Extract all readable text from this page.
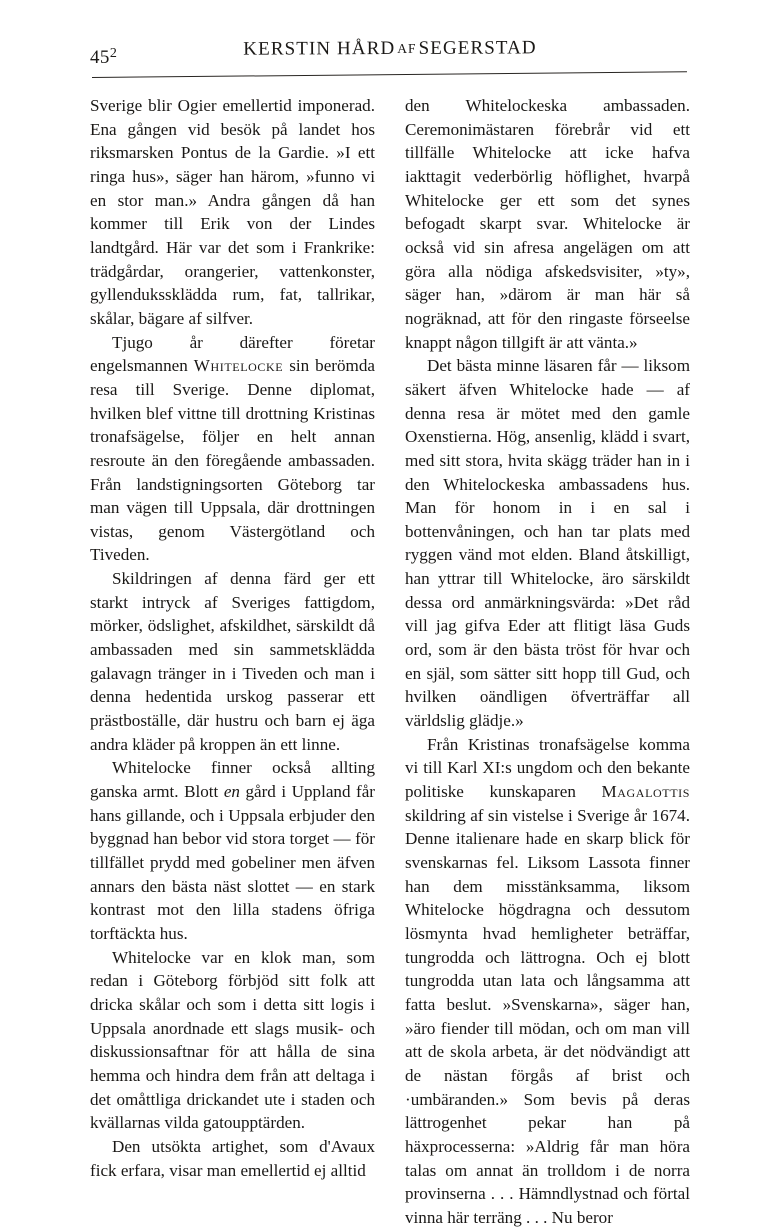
$45^2$	KERSTIN HÅRD AF SEGERSTAD

Sverige blir Ogier emellertid imponerad. Ena gången vid besök på landet hos riksmarsken Pontus de la Gardie. »I ett ringa hus», säger han härom, »funno vi en stor man.» Andra gången då han kommer till Erik von der Lindes landtgård. Här var det som i Frankrike: trädgårdar, orangerier, vattenkonster, gyllendukssklädda rum, fat, tallrikar, skålar, bägare af silfver.

Tjugo år därefter företar engelsmannen Whitelocke sin berömda resa till Sverige. Denne diplomat, hvilken blef vittne till drottning Kristinas tronafsägelse, följer en helt annan resroute än den föregående ambassaden. Från landstigningsorten Göteborg tar man vägen till Uppsala, där drottningen vistas, genom Västergötland och Tiveden.

Skildringen af denna färd ger ett starkt intryck af Sveriges fattigdom, mörker, ödslighet, afskildhet, särskildt då ambassaden med sin sammetsklädda galavagn tränger in i Tiveden och man i denna hedentida urskog passerar ett prästboställe, där hustru och barn ej äga andra kläder på kroppen än ett linne.

Whitelocke finner också allting ganska armt. Blott en gård i Uppland får hans gillande, och i Uppsala erbjuder den byggnad han bebor vid stora torget — för tillfället prydd med gobeliner men äfven annars den bästa näst slottet — en stark kontrast mot den lilla stadens öfriga torftäckta hus.

Whitelocke var en klok man, som redan i Göteborg förbjöd sitt folk att dricka skålar och som i detta sitt logis i Uppsala anordnade ett slags musik- och diskussionsaftnar för att hålla de sina hemma och hindra dem från att deltaga i det omåttliga drickandet ute i staden och kvällarnas vilda gatoupptärden.

Den utsökta artighet, som d'Avaux fick erfara, visar man emellertid ej alltid

den Whitelockeska ambassaden. Ceremonimästaren förebrår vid ett tillfälle Whitelocke att icke hafva iakttagit vederbörlig höflighet, hvarpå Whitelocke ger ett som det synes befogadt skarpt svar. Whitelocke är också vid sin afresa angelägen om att göra alla nödiga afskedsvisiter, »ty», säger han, »därom är man här så nogräknad, att för den ringaste förseelse knappt någon tillgift är att vänta.»

Det bästa minne läsaren får — liksom säkert äfven Whitelocke hade — af denna resa är mötet med den gamle Oxenstierna. Hög, ansenlig, klädd i svart, med sitt stora, hvita skägg träder han in i den Whitelockeska ambassadens hus. Man för honom in i en sal i bottenvåningen, och han tar plats med ryggen vänd mot elden. Bland åtskilligt, han yttrar till Whitelocke, äro särskildt dessa ord anmärkningsvärda: »Det råd vill jag gifva Eder att flitigt läsa Guds ord, som är den bästa tröst för hvar och en själ, som sätter sitt hopp till Gud, och hvilken oändligen öfverträffar all världslig glädje.»

Från Kristinas tronafsägelse komma vi till Karl XI:s ungdom och den bekante politiske kunskaparen Magalottis skildring af sin vistelse i Sverige år 1674. Denne italienare hade en skarp blick för svenskarnas fel. Liksom Lassota finner han dem misstänksamma, liksom Whitelocke högdragna och dessutom lösmynta hvad hemligheter beträffar, tungrodda och lättrogna. Och ej blott tungrodda utan lata och långsamma att fatta beslut. »Svenskarna», säger han, »äro fiender till mödan, och om man vill att de skola arbeta, är det nödvändigt att de nästan förgås af brist och ·umbäranden.» Som bevis på deras lättrogenhet pekar han på häxprocesserna: »Aldrig får man höra talas om annat än trolldom i de norra provinserna . . . Hämndlystnad och förtal vinna här terräng . . . Nu beror
